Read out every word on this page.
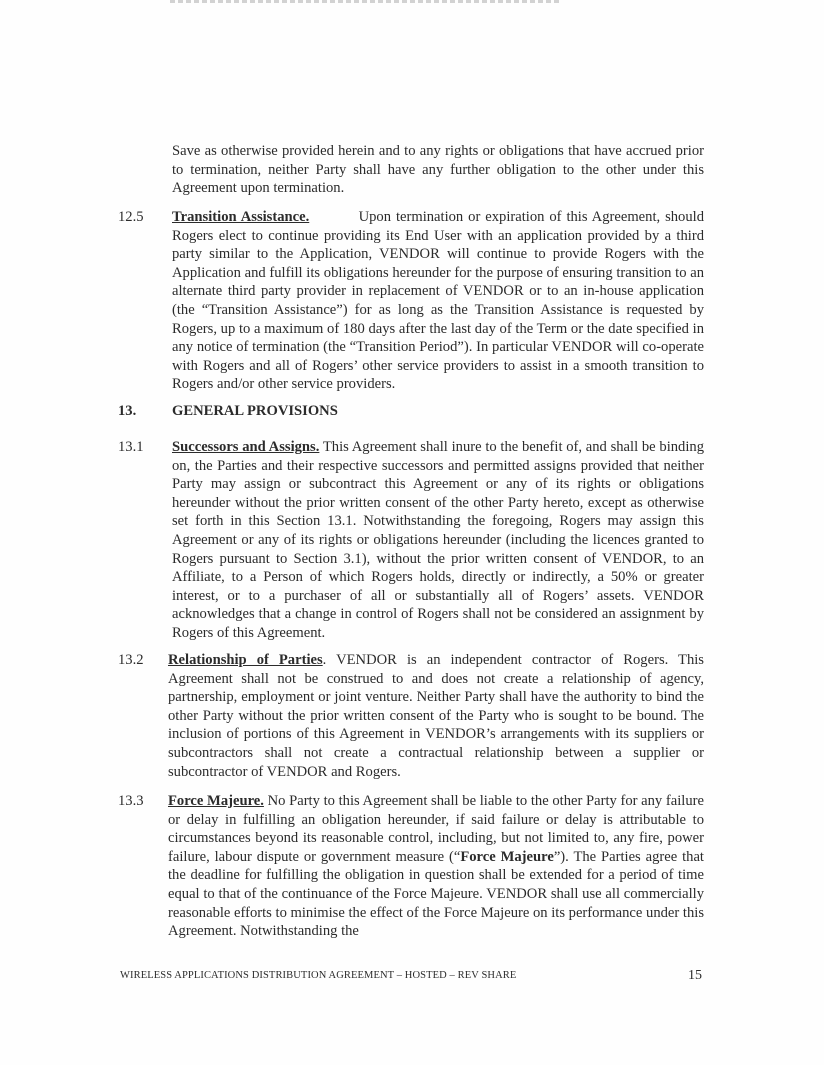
Save as otherwise provided herein and to any rights or obligations that have accrued prior to termination, neither Party shall have any further obligation to the other under this Agreement upon termination.
12.5	Transition Assistance.	Upon termination or expiration of this Agreement, should Rogers elect to continue providing its End User with an application provided by a third party similar to the Application, VENDOR will continue to provide Rogers with the Application and fulfill its obligations hereunder for the purpose of ensuring transition to an alternate third party provider in replacement of VENDOR or to an in-house application (the “Transition Assistance”) for as long as the Transition Assistance is requested by Rogers, up to a maximum of 180 days after the last day of the Term or the date specified in any notice of termination (the “Transition Period”). In particular VENDOR will co-operate with Rogers and all of Rogers’ other service providers to assist in a smooth transition to Rogers and/or other service providers.
13. GENERAL PROVISIONS
13.1	Successors and Assigns. This Agreement shall inure to the benefit of, and shall be binding on, the Parties and their respective successors and permitted assigns provided that neither Party may assign or subcontract this Agreement or any of its rights or obligations hereunder without the prior written consent of the other Party hereto, except as otherwise set forth in this Section 13.1. Notwithstanding the foregoing, Rogers may assign this Agreement or any of its rights or obligations hereunder (including the licences granted to Rogers pursuant to Section 3.1), without the prior written consent of VENDOR, to an Affiliate, to a Person of which Rogers holds, directly or indirectly, a 50% or greater interest, or to a purchaser of all or substantially all of Rogers’ assets. VENDOR acknowledges that a change in control of Rogers shall not be considered an assignment by Rogers of this Agreement.
13.2	Relationship of Parties. VENDOR is an independent contractor of Rogers. This Agreement shall not be construed to and does not create a relationship of agency, partnership, employment or joint venture. Neither Party shall have the authority to bind the other Party without the prior written consent of the Party who is sought to be bound. The inclusion of portions of this Agreement in VENDOR’s arrangements with its suppliers or subcontractors shall not create a contractual relationship between a supplier or subcontractor of VENDOR and Rogers.
13.3	Force Majeure. No Party to this Agreement shall be liable to the other Party for any failure or delay in fulfilling an obligation hereunder, if said failure or delay is attributable to circumstances beyond its reasonable control, including, but not limited to, any fire, power failure, labour dispute or government measure (“Force Majeure”). The Parties agree that the deadline for fulfilling the obligation in question shall be extended for a period of time equal to that of the continuance of the Force Majeure. VENDOR shall use all commercially reasonable efforts to minimise the effect of the Force Majeure on its performance under this Agreement. Notwithstanding the
WIRELESS APPLICATIONS DISTRIBUTION AGREEMENT – HOSTED – REV SHARE	15
